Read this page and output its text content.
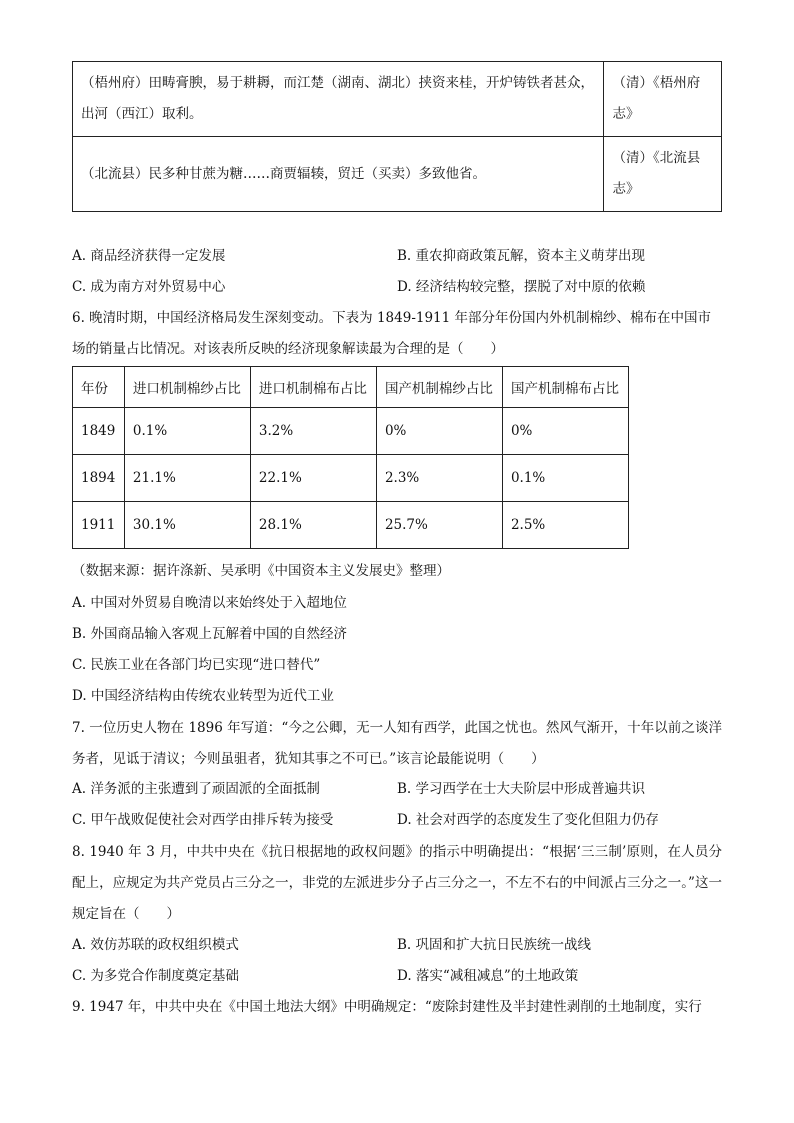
（梧州府）田畴膏腴，易于耕耨，而江楚（湖南、湖北）挟资来桂，开炉铸铁者甚众，出河（西江）取利。	（清）《梧州府志》
（北流县）民多种甘蔗为糖……商贾辐辏，贸迁（买卖）多致他省。	（清）《北流县志》
A. 商品经济获得一定发展	B. 重农抑商政策瓦解，资本主义萌芽出现
C. 成为南方对外贸易中心	D. 经济结构较完整，摆脱了对中原的依赖
6. 晚清时期，中国经济格局发生深刻变动。下表为 1849-1911 年部分年份国内外机制棉纱、棉布在中国市
场的销量占比情况。对该表所反映的经济现象解读最为合理的是（　　）
年份	进口机制棉纱占比	进口机制棉布占比	国产机制棉纱占比	国产机制棉布占比
1849	0.1%	3.2%	0%	0%
1894	21.1%	22.1%	2.3%	0.1%
1911	30.1%	28.1%	25.7%	2.5%
（数据来源：据许涤新、吴承明《中国资本主义发展史》整理）
A. 中国对外贸易自晚清以来始终处于入超地位
B. 外国商品输入客观上瓦解着中国的自然经济
C. 民族工业在各部门均已实现“进口替代”
D. 中国经济结构由传统农业转型为近代工业
7. 一位历史人物在 1896 年写道：“今之公卿，无一人知有西学，此国之忧也。然风气渐开，十年以前之谈洋务者，见诋于清议；今则虽驵者，犹知其事之不可已。”该言论最能说明（　　）
A. 洋务派的主张遭到了顽固派的全面抵制	B. 学习西学在士大夫阶层中形成普遍共识
C. 甲午战败促使社会对西学由排斥转为接受	D. 社会对西学的态度发生了变化但阻力仍存
8. 1940 年 3 月，中共中央在《抗日根据地的政权问题》的指示中明确提出：“根据‘三三制’原则，在人员分配上，应规定为共产党员占三分之一，非党的左派进步分子占三分之一，不左不右的中间派占三分之一。”这一规定旨在（　　）
A. 效仿苏联的政权组织模式	B. 巩固和扩大抗日民族统一战线
C. 为多党合作制度奠定基础	D. 落实“减租减息”的土地政策
9. 1947 年，中共中央在《中国土地法大纲》中明确规定：“废除封建性及半封建性剥削的土地制度，实行
